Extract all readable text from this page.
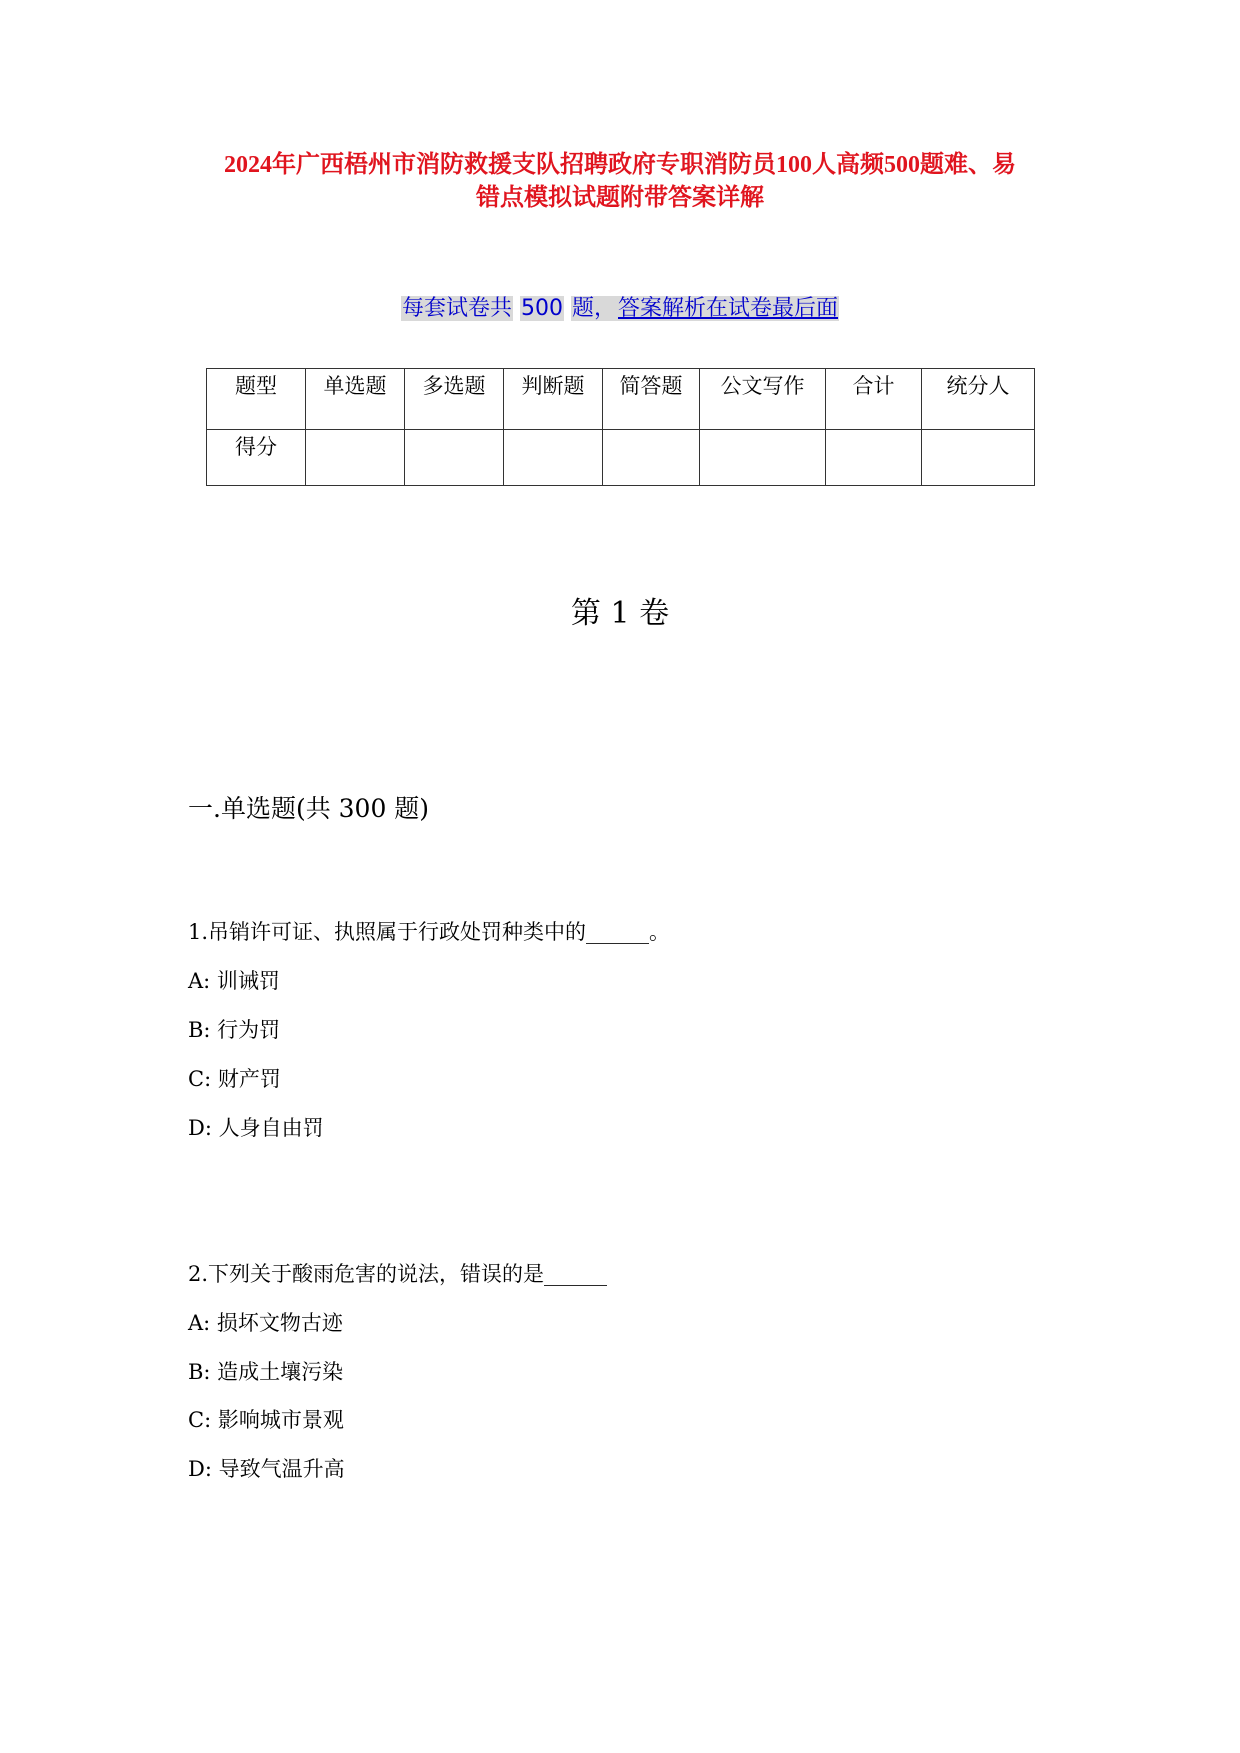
2024年广西梧州市消防救援支队招聘政府专职消防员100人高频500题难、易
错点模拟试题附带答案详解
每套试卷共 500 题，答案解析在试卷最后面
题型	单选题	多选题	判断题	简答题	公文写作	合计	统分人
得分							
第 1 卷
一.单选题(共 300 题)
1.吊销许可证、执照属于行政处罚种类中的______。
A: 训诫罚
B: 行为罚
C: 财产罚
D: 人身自由罚
2.下列关于酸雨危害的说法，错误的是______
A: 损坏文物古迹
B: 造成土壤污染
C: 影响城市景观
D: 导致气温升高
